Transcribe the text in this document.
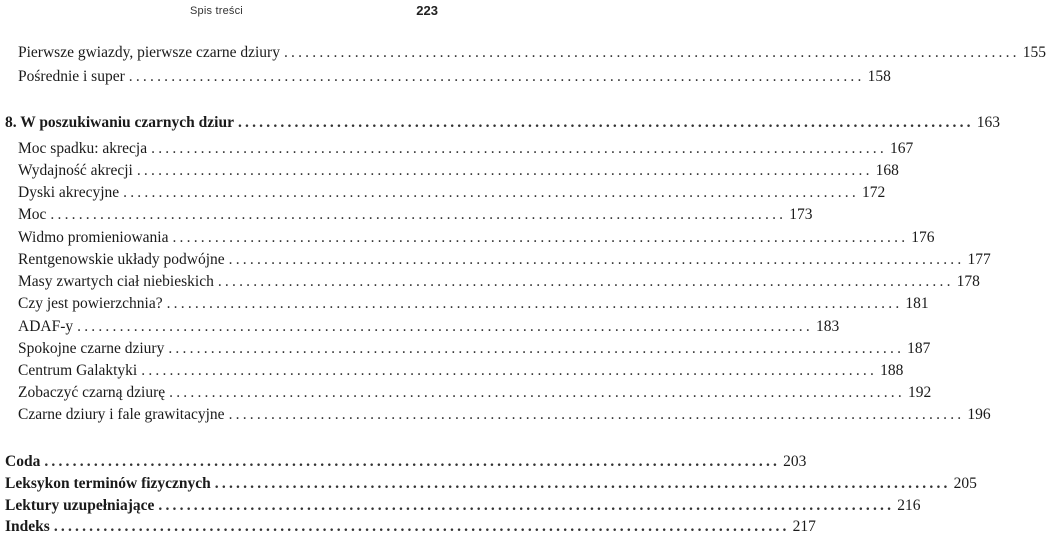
Spis treści	223
Pierwsze gwiazdy, pierwsze czarne dziury ........................................................................................................ 155
Pośrednie i super ........................................................................................................ 158
8. W poszukiwaniu czarnych dziur ........................................................................................................ 163
Moc spadku: akrecja ........................................................................................................ 167
Wydajność akrecji ........................................................................................................ 168
Dyski akrecyjne ........................................................................................................ 172
Moc ........................................................................................................ 173
Widmo promieniowania ........................................................................................................ 176
Rentgenowskie układy podwójne ........................................................................................................ 177
Masy zwartych ciał niebieskich ........................................................................................................ 178
Czy jest powierzchnia? ........................................................................................................ 181
ADAF-y ........................................................................................................ 183
Spokojne czarne dziury ........................................................................................................ 187
Centrum Galaktyki ........................................................................................................ 188
Zobaczyć czarną dziurę ........................................................................................................ 192
Czarne dziury i fale grawitacyjne ........................................................................................................ 196
Coda ........................................................................................................ 203
Leksykon terminów fizycznych ........................................................................................................ 205
Lektury uzupełniające ........................................................................................................ 216
Indeks ........................................................................................................ 217
